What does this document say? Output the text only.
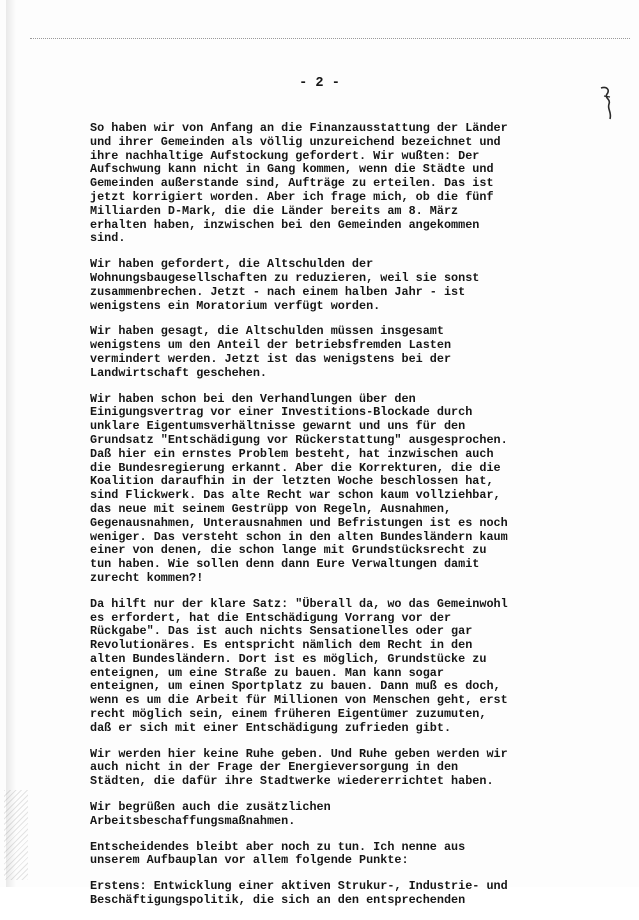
- 2 -
So haben wir von Anfang an die Finanzausstattung der Länder
und ihrer Gemeinden als völlig unzureichend bezeichnet und
ihre nachhaltige Aufstockung gefordert. Wir wußten: Der
Aufschwung kann nicht in Gang kommen, wenn die Städte und
Gemeinden außerstande sind, Aufträge zu erteilen. Das ist
jetzt korrigiert worden. Aber ich frage mich, ob die fünf
Milliarden D-Mark, die die Länder bereits am 8. März
erhalten haben, inzwischen bei den Gemeinden angekommen
sind.
Wir haben gefordert, die Altschulden der
Wohnungsbaugesellschaften zu reduzieren, weil sie sonst
zusammenbrechen. Jetzt - nach einem halben Jahr - ist
wenigstens ein Moratorium verfügt worden.
Wir haben gesagt, die Altschulden müssen insgesamt
wenigstens um den Anteil der betriebsfremden Lasten
vermindert werden. Jetzt ist das wenigstens bei der
Landwirtschaft geschehen.
Wir haben schon bei den Verhandlungen über den
Einigungsvertrag vor einer Investitions-Blockade durch
unklare Eigentumsverhältnisse gewarnt und uns für den
Grundsatz "Entschädigung vor Rückerstattung" ausgesprochen.
Daß hier ein ernstes Problem besteht, hat inzwischen auch
die Bundesregierung erkannt. Aber die Korrekturen, die die
Koalition daraufhin in der letzten Woche beschlossen hat,
sind Flickwerk. Das alte Recht war schon kaum vollziehbar,
das neue mit seinem Gestrüpp von Regeln, Ausnahmen,
Gegenausnahmen, Unterausnahmen und Befristungen ist es noch
weniger. Das versteht schon in den alten Bundesländern kaum
einer von denen, die schon lange mit Grundstücksrecht zu
tun haben. Wie sollen denn dann Eure Verwaltungen damit
zurecht kommen?!
Da hilft nur der klare Satz: "Überall da, wo das Gemeinwohl
es erfordert, hat die Entschädigung Vorrang vor der
Rückgabe". Das ist auch nichts Sensationelles oder gar
Revolutionäres. Es entspricht nämlich dem Recht in den
alten Bundesländern. Dort ist es möglich, Grundstücke zu
enteignen, um eine Straße zu bauen. Man kann sogar
enteignen, um einen Sportplatz zu bauen. Dann muß es doch,
wenn es um die Arbeit für Millionen von Menschen geht, erst
recht möglich sein, einem früheren Eigentümer zuzumuten,
daß er sich mit einer Entschädigung zufrieden gibt.
Wir werden hier keine Ruhe geben. Und Ruhe geben werden wir
auch nicht in der Frage der Energieversorgung in den
Städten, die dafür ihre Stadtwerke wiedererrichtet haben.
Wir begrüßen auch die zusätzlichen
Arbeitsbeschaffungsmaßnahmen.
Entscheidendes bleibt aber noch zu tun. Ich nenne aus
unserem Aufbauplan vor allem folgende Punkte:
Erstens: Entwicklung einer aktiven Strukur-, Industrie- und
Beschäftigungspolitik, die sich an den entsprechenden
